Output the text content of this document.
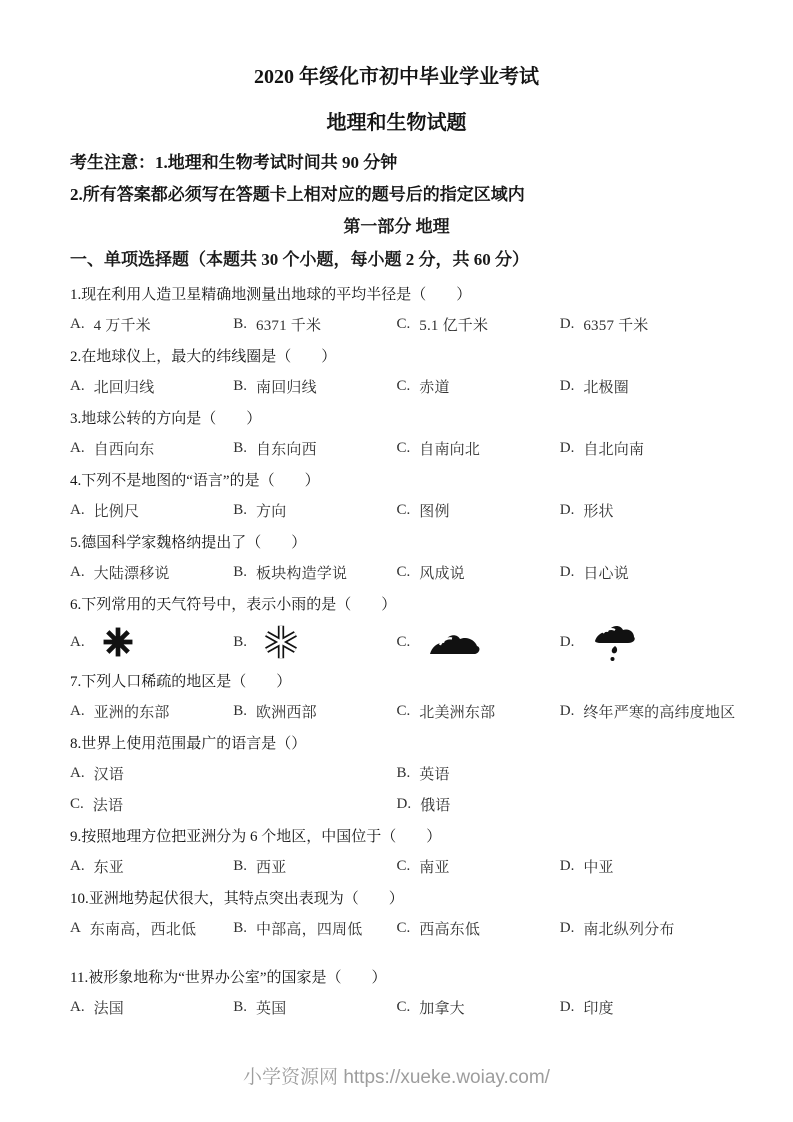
2020 年绥化市初中毕业学业考试
地理和生物试题

考生注意：1.地理和生物考试时间共 90 分钟

2.所有答案都必须写在答题卡上相对应的题号后的指定区域内

第一部分 地理

一、单项选择题（本题共 30 个小题，每小题 2 分，共 60 分）

1.现在利用人造卫星精确地测量出地球的平均半径是（　　）

A. 4 万千米	B. 6371 千米	C. 5.1 亿千米	D. 6357 千米

2.在地球仪上，最大的纬线圈是（　　）

A. 北回归线	B. 南回归线	C. 赤道	D. 北极圈

3.地球公转的方向是（　　）

A. 自西向东	B. 自东向西	C. 自南向北	D. 自北向南

4.下列不是地图的“语言”的是（　　）

A. 比例尺	B. 方向	C. 图例	D. 形状

5.德国科学家魏格纳提出了（　　）

A. 大陆漂移说	B. 板块构造学说	C. 风成说	D. 日心说

6.下列常用的天气符号中，表示小雨的是（　　）

A.	B.	C.	D.

7.下列人口稀疏的地区是（　　）

A. 亚洲的东部	B. 欧洲西部	C. 北美洲东部	D. 终年严寒的高纬度地区

8.世界上使用范围最广的语言是（）

A. 汉语	B. 英语
C. 法语	D. 俄语

9.按照地理方位把亚洲分为 6 个地区，中国位于（　　）

A. 东亚	B. 西亚	C. 南亚	D. 中亚

10.亚洲地势起伏很大，其特点突出表现为（　　）

A 东南高，西北低 B. 中部高，四周低 C. 西高东低	D. 南北纵列分布

11.被形象地称为“世界办公室”的国家是（　　）

A. 法国	B. 英国	C. 加拿大	D. 印度
小学资源网 https://xueke.woiay.com/
